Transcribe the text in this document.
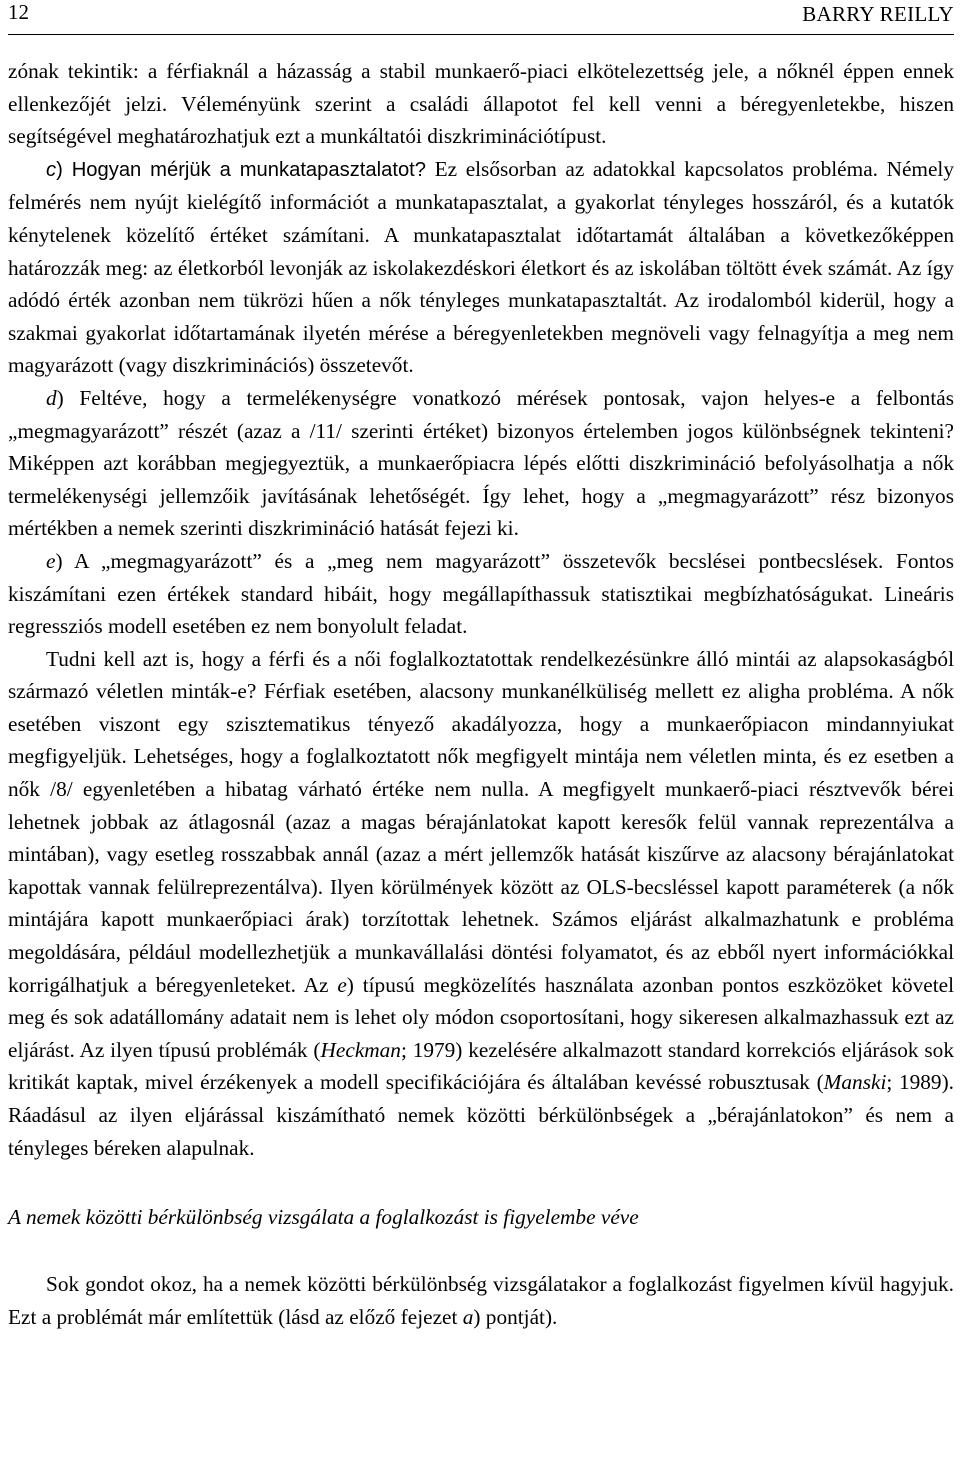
12	BARRY REILLY

zónak tekintik: a férfiaknál a házasság a stabil munkaerő-piaci elkötelezettség jele, a nőknél éppen ennek ellenkezőjét jelzi. Véleményünk szerint a családi állapotot fel kell venni a béregyenletekbe, hiszen segítségével meghatározhatjuk ezt a munkáltatói diszkriminációtípust.

c) Hogyan mérjük a munkatapasztalatot? Ez elsősorban az adatokkal kapcsolatos probléma. Némely felmérés nem nyújt kielégítő információt a munkatapasztalat, a gyakorlat tényleges hosszáról, és a kutatók kénytelenek közelítő értéket számítani. A munkatapasztalat időtartamát általában a következőképpen határozzák meg: az életkorból levonják az iskolakezdéskori életkort és az iskolában töltött évek számát. Az így adódó érték azonban nem tükrözi hűen a nők tényleges munkatapasztaltát. Az irodalomból kiderül, hogy a szakmai gyakorlat időtartamának ilyetén mérése a béregyenletekben megnöveli vagy felnagyítja a meg nem magyarázott (vagy diszkriminációs) összetevőt.

d) Feltéve, hogy a termelékenységre vonatkozó mérések pontosak, vajon helyes-e a felbontás „megmagyarázott” részét (azaz a /11/ szerinti értéket) bizonyos értelemben jogos különbségnek tekinteni? Miképpen azt korábban megjegyeztük, a munkaerőpiacra lépés előtti diszkrimináció befolyásolhatja a nők termelékenységi jellemzőik javításának lehetőségét. Így lehet, hogy a „megmagyarázott” rész bizonyos mértékben a nemek szerinti diszkrimináció hatását fejezi ki.

e) A „megmagyarázott” és a „meg nem magyarázott” összetevők becslései pontbecslések. Fontos kiszámítani ezen értékek standard hibáit, hogy megállapíthassuk statisztikai megbízhatóságukat. Lineáris regressziós modell esetében ez nem bonyolult feladat.

Tudni kell azt is, hogy a férfi és a női foglalkoztatottak rendelkezésünkre álló mintái az alapsokaságból származó véletlen minták-e? Férfiak esetében, alacsony munkanélküliség mellett ez aligha probléma. A nők esetében viszont egy szisztematikus tényező akadályozza, hogy a munkaerőpiacon mindannyiukat megfigyeljük. Lehetséges, hogy a foglalkoztatott nők megfigyelt mintája nem véletlen minta, és ez esetben a nők /8/ egyenletében a hibatag várható értéke nem nulla. A megfigyelt munkaerő-piaci résztvevők bérei lehetnek jobbak az átlagosnál (azaz a magas bérajánlatokat kapott keresők felül vannak reprezentálva a mintában), vagy esetleg rosszabbak annál (azaz a mért jellemzők hatását kiszűrve az alacsony bérajánlatokat kapottak vannak felülreprezentálva). Ilyen körülmények között az OLS-becsléssel kapott paraméterek (a nők mintájára kapott munkaerőpiaci árak) torzítottak lehetnek. Számos eljárást alkalmazhatunk e probléma megoldására, például modellezhetjük a munkavállalási döntési folyamatot, és az ebből nyert információkkal korrigálhatjuk a béregyenleteket. Az e) típusú megközelítés használata azonban pontos eszközöket követel meg és sok adatállomány adatait nem is lehet oly módon csoportosítani, hogy sikeresen alkalmazhassuk ezt az eljárást. Az ilyen típusú problémák (Heckman; 1979) kezelésére alkalmazott standard korrekciós eljárások sok kritikát kaptak, mivel érzékenyek a modell specifikációjára és általában kevéssé robusztusak (Manski; 1989). Ráadásul az ilyen eljárással kiszámítható nemek közötti bérkülönbségek a „bérajánlatokon” és nem a tényleges béreken alapulnak.

A nemek közötti bérkülönbség vizsgálata a foglalkozást is figyelembe véve

Sok gondot okoz, ha a nemek közötti bérkülönbség vizsgálatakor a foglalkozást figyelmen kívül hagyjuk. Ezt a problémát már említettük (lásd az előző fejezet a) pontját).
